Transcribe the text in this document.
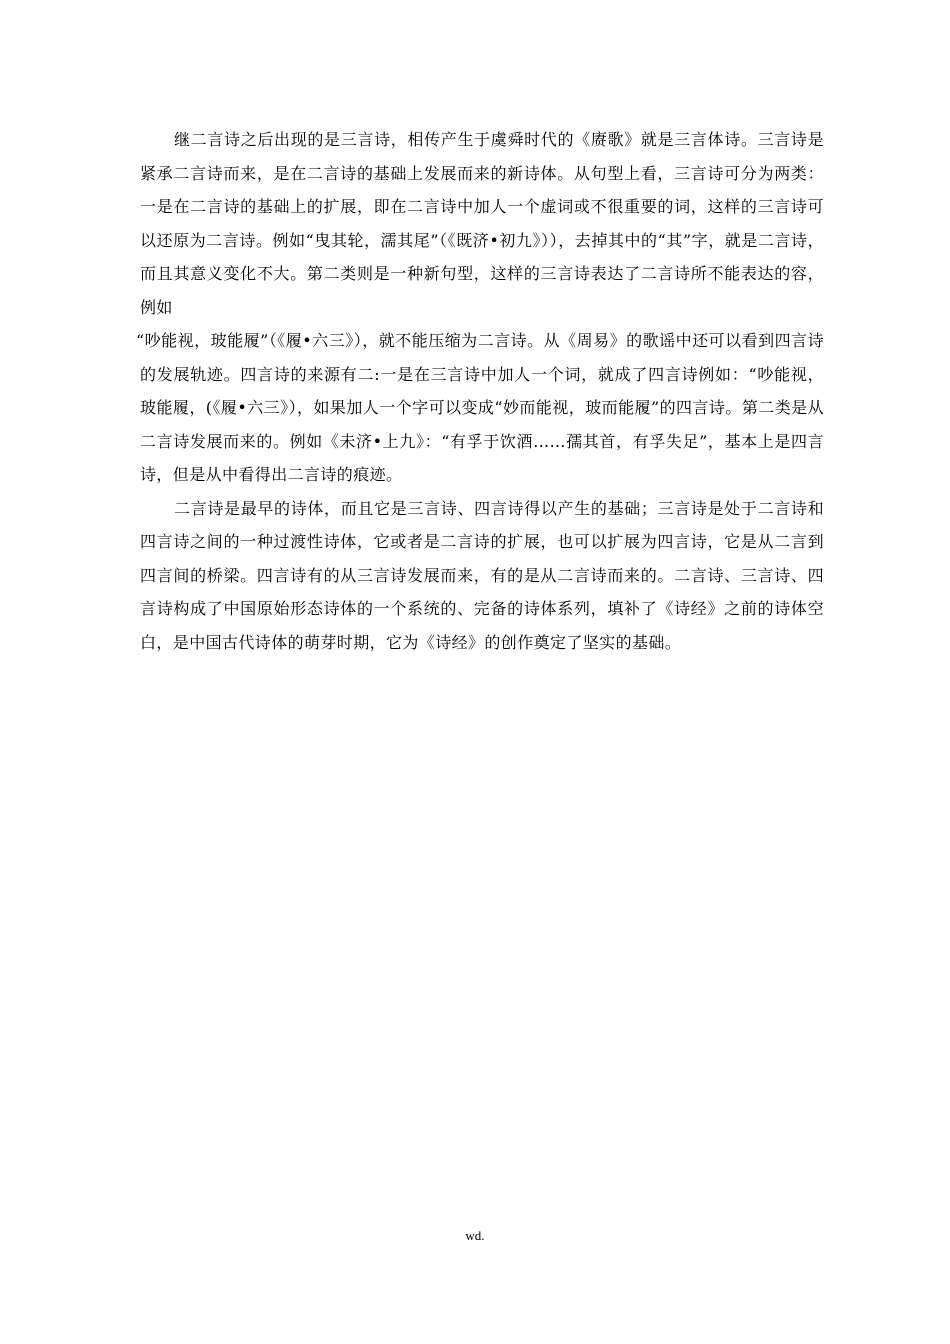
继二言诗之后出现的是三言诗，相传产生于虞舜时代的《赓歌》就是三言体诗。三言诗是紧承二言诗而来，是在二言诗的基础上发展而来的新诗体。从句型上看，三言诗可分为两类：一是在二言诗的基础上的扩展，即在二言诗中加人一个虚词或不很重要的词，这样的三言诗可以还原为二言诗。例如“曳其轮，濡其尾”（《既济•初九》）），去掉其中的“其”字，就是二言诗，而且其意义变化不大。第二类则是一种新句型，这样的三言诗表达了二言诗所不能表达的容，例如

“吵能视，玻能履”（《履•六三》），就不能压缩为二言诗。从《周易》的歌谣中还可以看到四言诗的发展轨迹。四言诗的来源有二:一是在三言诗中加人一个词，就成了四言诗例如：“吵能视，玻能履，(《履•六三》），如果加人一个字可以变成“妙而能视，玻而能履”的四言诗。第二类是从二言诗发展而来的。例如《未济•上九》：“有孚于饮酒……孺其首，有孚失足”，基本上是四言诗，但是从中看得出二言诗的痕迹。

二言诗是最早的诗体，而且它是三言诗、四言诗得以产生的基础；三言诗是处于二言诗和四言诗之间的一种过渡性诗体，它或者是二言诗的扩展，也可以扩展为四言诗，它是从二言到四言间的桥梁。四言诗有的从三言诗发展而来，有的是从二言诗而来的。二言诗、三言诗、四言诗构成了中国原始形态诗体的一个系统的、完备的诗体系列，填补了《诗经》之前的诗体空白，是中国古代诗体的萌芽时期，它为《诗经》的创作奠定了坚实的基础。

wd.
